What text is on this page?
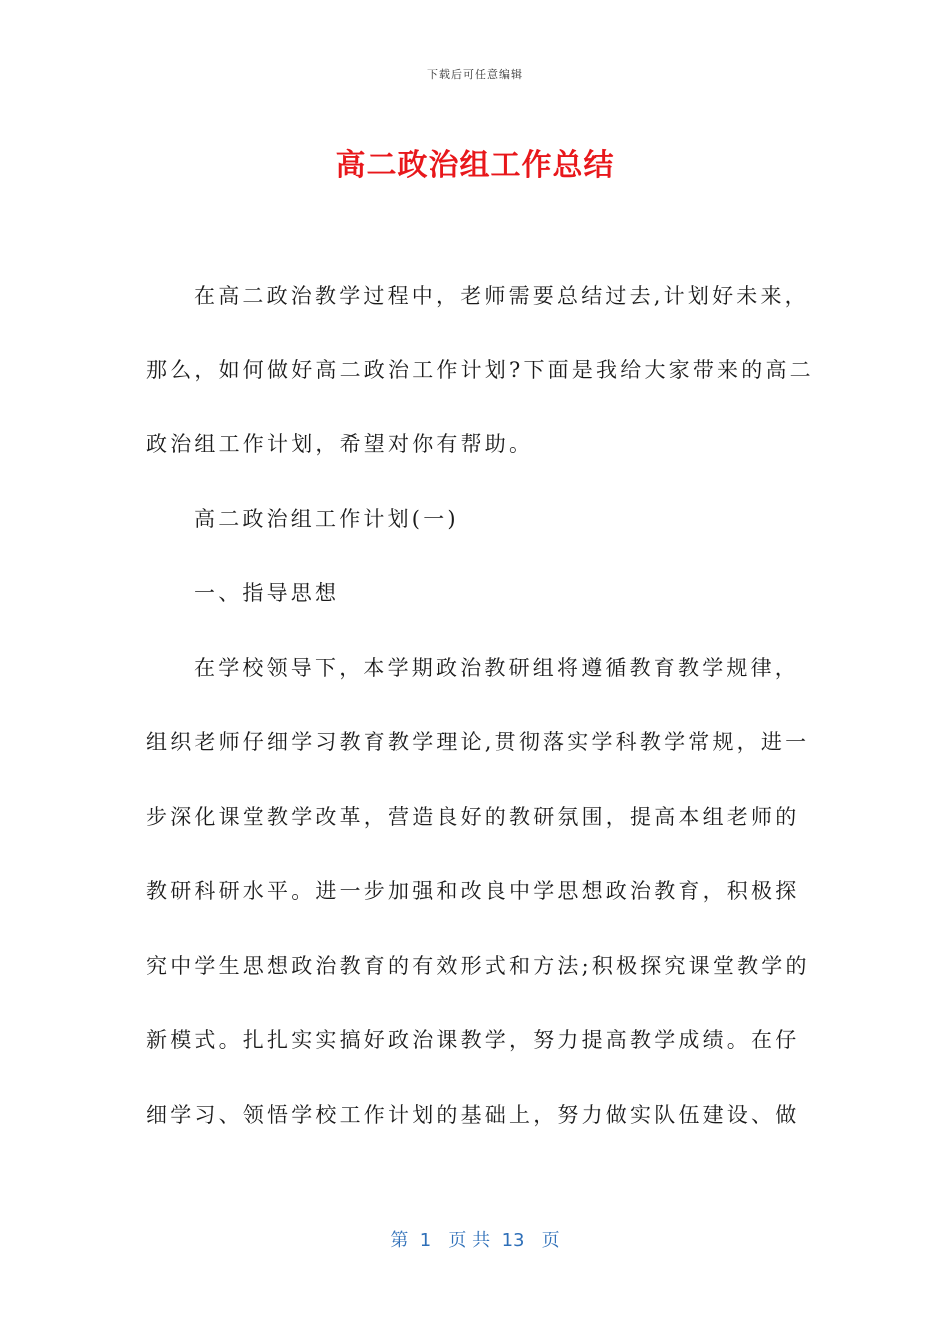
下载后可任意编辑
高二政治组工作总结
在高二政治教学过程中，老师需要总结过去,计划好未来，
那么，如何做好高二政治工作计划?下面是我给大家带来的高二
政治组工作计划，希望对你有帮助。
高二政治组工作计划(一)
一、指导思想
在学校领导下，本学期政治教研组将遵循教育教学规律，
组织老师仔细学习教育教学理论,贯彻落实学科教学常规，进一
步深化课堂教学改革，营造良好的教研氛围，提高本组老师的
教研科研水平。进一步加强和改良中学思想政治教育，积极探
究中学生思想政治教育的有效形式和方法;积极探究课堂教学的
新模式。扎扎实实搞好政治课教学，努力提高教学成绩。在仔
细学习、领悟学校工作计划的基础上，努力做实队伍建设、做
第  1   页 共  13   页
